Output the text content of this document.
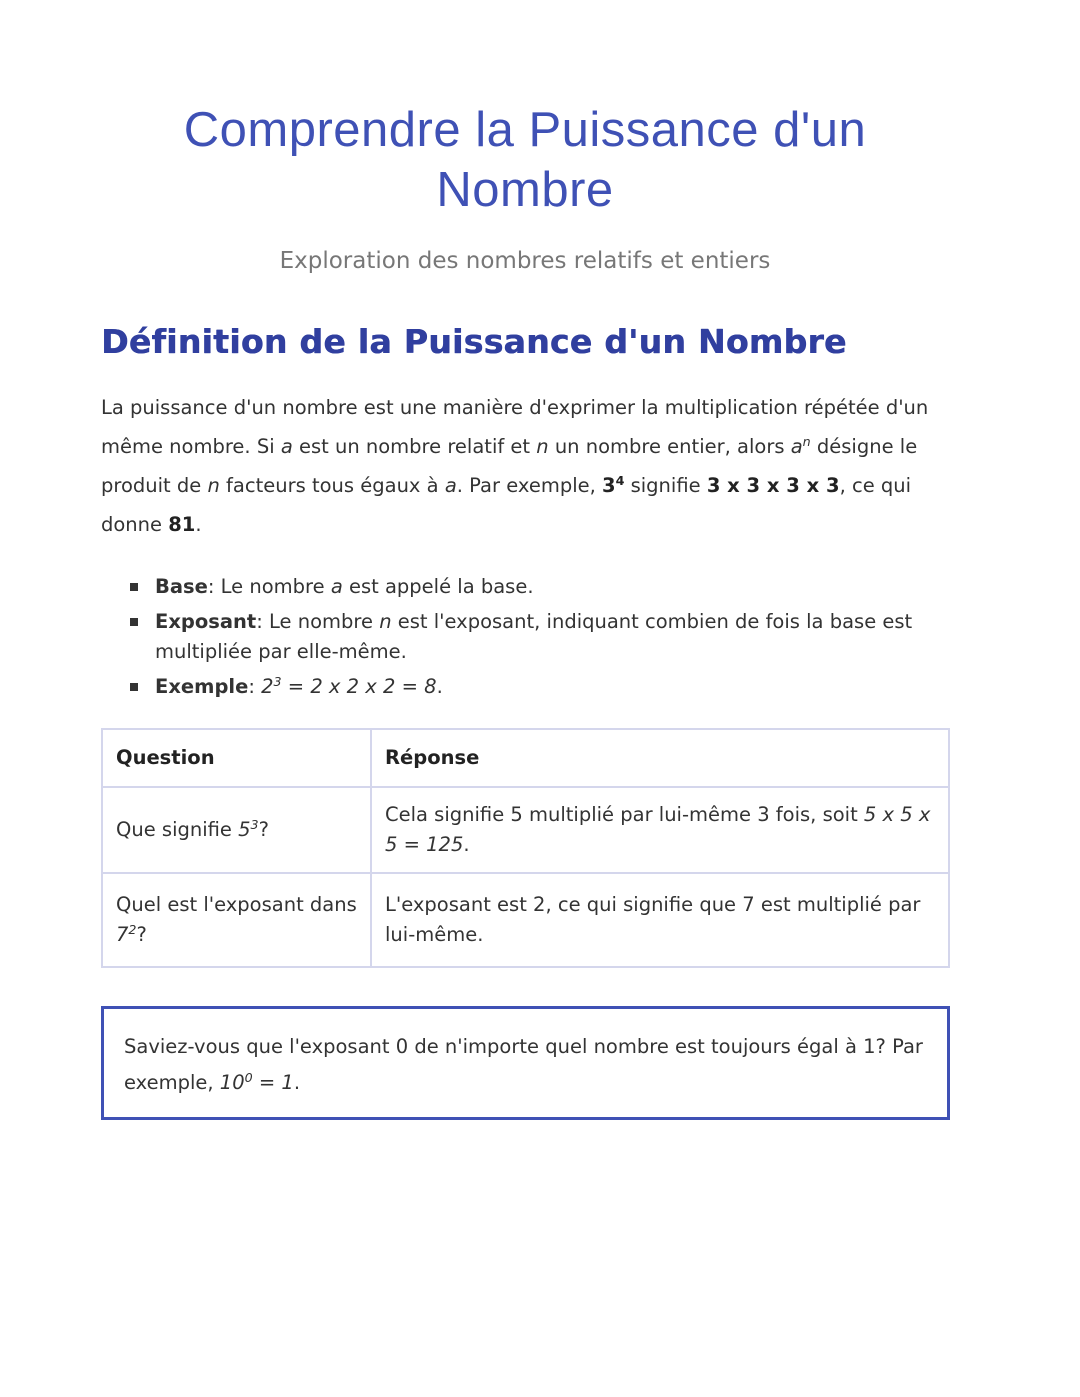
Comprendre la Puissance d'un Nombre

Exploration des nombres relatifs et entiers

Définition de la Puissance d'un Nombre

La puissance d'un nombre est une manière d'exprimer la multiplication répétée d'un même nombre. Si a est un nombre relatif et n un nombre entier, alors $a^n$ désigne le produit de n facteurs tous égaux à a. Par exemple, $3^4$ signifie 3 x 3 x 3 x 3, ce qui donne 81.

Base: Le nombre a est appelé la base.
Exposant: Le nombre n est l'exposant, indiquant combien de fois la base est multipliée par elle-même.
Exemple: $2^3 = 2$ x 2 x 2 = 8.
Question	Réponse
Que signifie $5^3$?	Cela signifie 5 multiplié par lui-même 3 fois, soit 5 x 5 x 5 = 125.
Quel est l'exposant dans $7^2$?	L'exposant est 2, ce qui signifie que 7 est multiplié par lui-même.
Saviez-vous que l'exposant 0 de n'importe quel nombre est toujours égal à 1? Par exemple, $10^0 = 1$.
